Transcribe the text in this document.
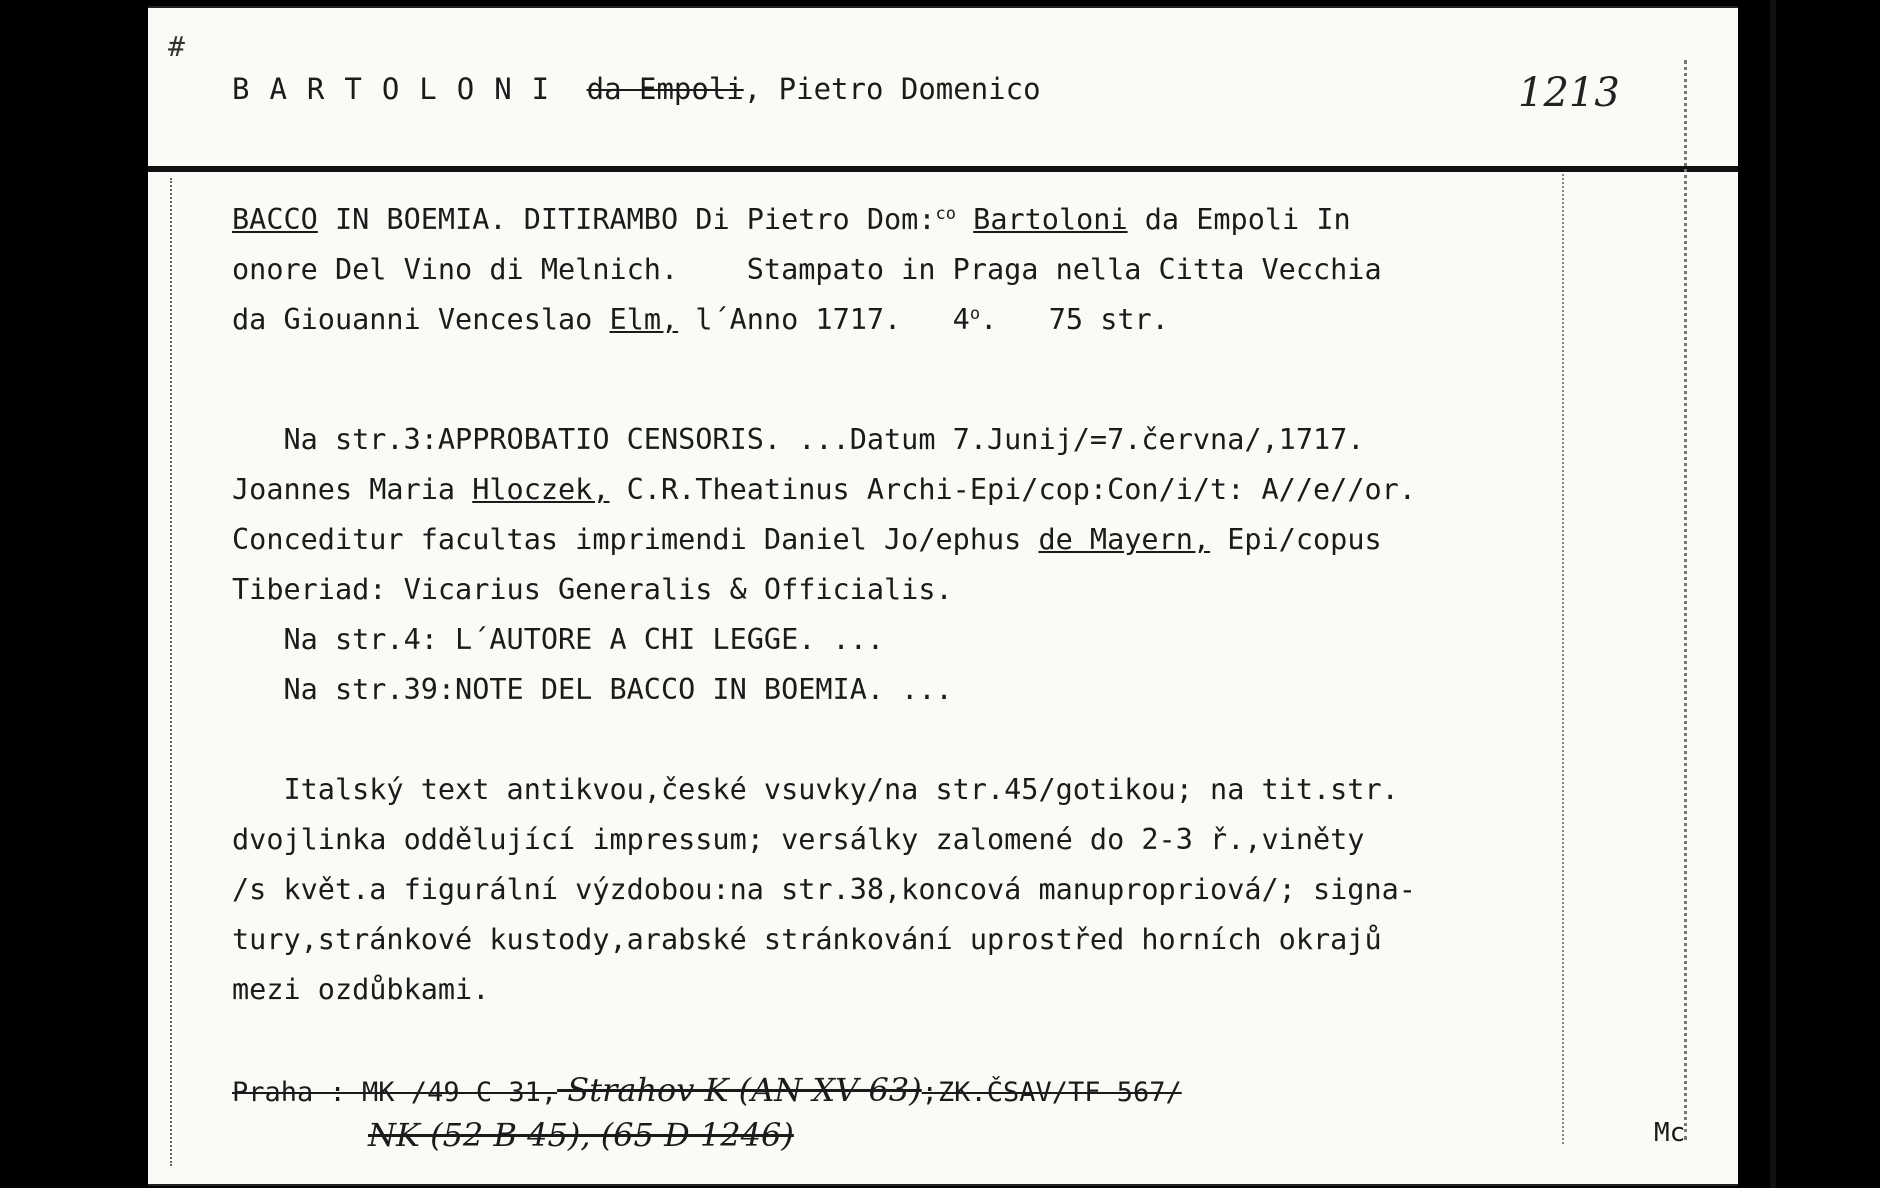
#
BARTOLONI da Empoli, Pietro Domenico	1213
BACCO IN BOEMIA. DITIRAMBO Di Pietro Dom:$^{co}$ Bartoloni da Empoli In
onore Del Vino di Melnich.    Stampato in Praga nella Citta Vecchia
da Giouanni Venceslao Elm, l´Anno 1717.   4$^o$.   75 str.
Na str.3:APPROBATIO CENSORIS. ...Datum 7.Junij/=7.června/,1717.
Joannes Maria Hloczek, C.R.Theatinus Archi-Epi/cop:Con/i/t: A//e//or.
Conceditur facultas imprimendi Daniel Jo/ephus de Mayern, Epi/copus
Tiberiad: Vicarius Generalis & Officialis.
Na str.4: L´AUTORE A CHI LEGGE. ...
Na str.39:NOTE DEL BACCO IN BOEMIA. ...
Italský text antikvou,české vsuvky/na str.45/gotikou; na tit.str.
dvojlinka oddělující impressum; versálky zalomené do 2-3 ř.,viněty
/s květ.a figurální výzdobou:na str.38,koncová manupropriová/; signa-
tury,stránkové kustody,arabské stránkování uprostřed horních okrajů
mezi ozdůbkami.
Praha : MK /49 C 31, Strahov K (AN XV 63);ZK.ČSAV/TF 567/
NK (52 B 45), (65 D 1246)	Mc
